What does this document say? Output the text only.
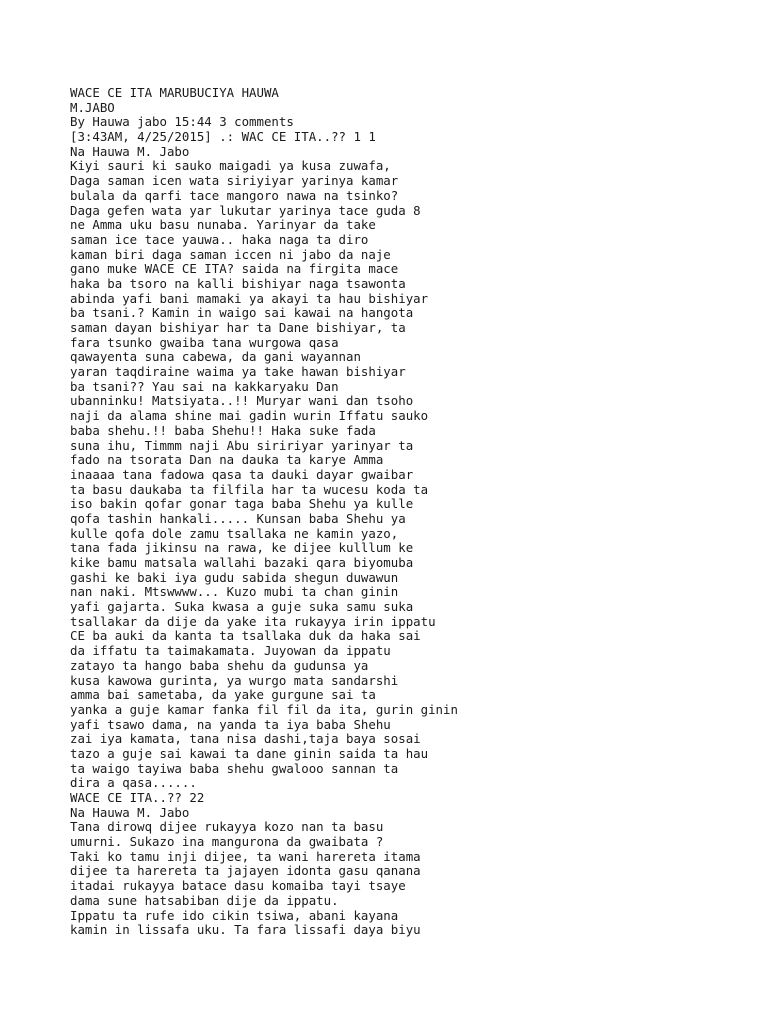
WACE CE ITA MARUBUCIYA HAUWA
M.JABO
By Hauwa jabo 15:44 3 comments
[3:43AM, 4/25/2015] .: WAC CE ITA..?? 1 1
Na Hauwa M. Jabo
Kiyi sauri ki sauko maigadi ya kusa zuwafa,
Daga saman icen wata siriyiyar yarinya kamar
bulala da qarfi tace mangoro nawa na tsinko?
Daga gefen wata yar lukutar yarinya tace guda 8
ne Amma uku basu nunaba. Yarinyar da take
saman ice tace yauwa.. haka naga ta diro
kaman biri daga saman iccen ni jabo da naje
gano muke WACE CE ITA? saida na firgita mace
haka ba tsoro na kalli bishiyar naga tsawonta
abinda yafi bani mamaki ya akayi ta hau bishiyar
ba tsani.? Kamin in waigo sai kawai na hangota
saman dayan bishiyar har ta Dane bishiyar, ta
fara tsunko gwaiba tana wurgowa qasa
qawayenta suna cabewa, da gani wayannan
yaran taqdiraine waima ya take hawan bishiyar
ba tsani?? Yau sai na kakkaryaku Dan
ubanninku! Matsiyata..!! Muryar wani dan tsoho
naji da alama shine mai gadin wurin Iffatu sauko
baba shehu.!! baba Shehu!! Haka suke fada
suna ihu, Timmm naji Abu siririyar yarinyar ta
fado na tsorata Dan na dauka ta karye Amma
inaaaa tana fadowa qasa ta dauki dayar gwaibar
ta basu daukaba ta filfila har ta wucesu koda ta
iso bakin qofar gonar taga baba Shehu ya kulle
qofa tashin hankali..... Kunsan baba Shehu ya
kulle qofa dole zamu tsallaka ne kamin yazo,
tana fada jikinsu na rawa, ke dijee kulllum ke
kike bamu matsala wallahi bazaki qara biyomuba
gashi ke baki iya gudu sabida shegun duwawun
nan naki. Mtswwww... Kuzo mubi ta chan ginin
yafi gajarta. Suka kwasa a guje suka samu suka
tsallakar da dije da yake ita rukayya irin ippatu
CE ba auki da kanta ta tsallaka duk da haka sai
da iffatu ta taimakamata. Juyowan da ippatu
zatayo ta hango baba shehu da gudunsa ya
kusa kawowa gurinta, ya wurgo mata sandarshi
amma bai sametaba, da yake gurgune sai ta
yanka a guje kamar fanka fil fil da ita, gurin ginin
yafi tsawo dama, na yanda ta iya baba Shehu
zai iya kamata, tana nisa dashi,taja baya sosai
tazo a guje sai kawai ta dane ginin saida ta hau
ta waigo tayiwa baba shehu gwalooo sannan ta
dira a qasa......
WACE CE ITA..?? 22
Na Hauwa M. Jabo
Tana dirowq dijee rukayya kozo nan ta basu
umurni. Sukazo ina mangurona da gwaibata ?
Taki ko tamu inji dijee, ta wani harereta itama
dijee ta harereta ta jajayen idonta gasu qanana
itadai rukayya batace dasu komaiba tayi tsaye
dama sune hatsabiban dije da ippatu.
Ippatu ta rufe ido cikin tsiwa, abani kayana
kamin in lissafa uku. Ta fara lissafi daya biyu
